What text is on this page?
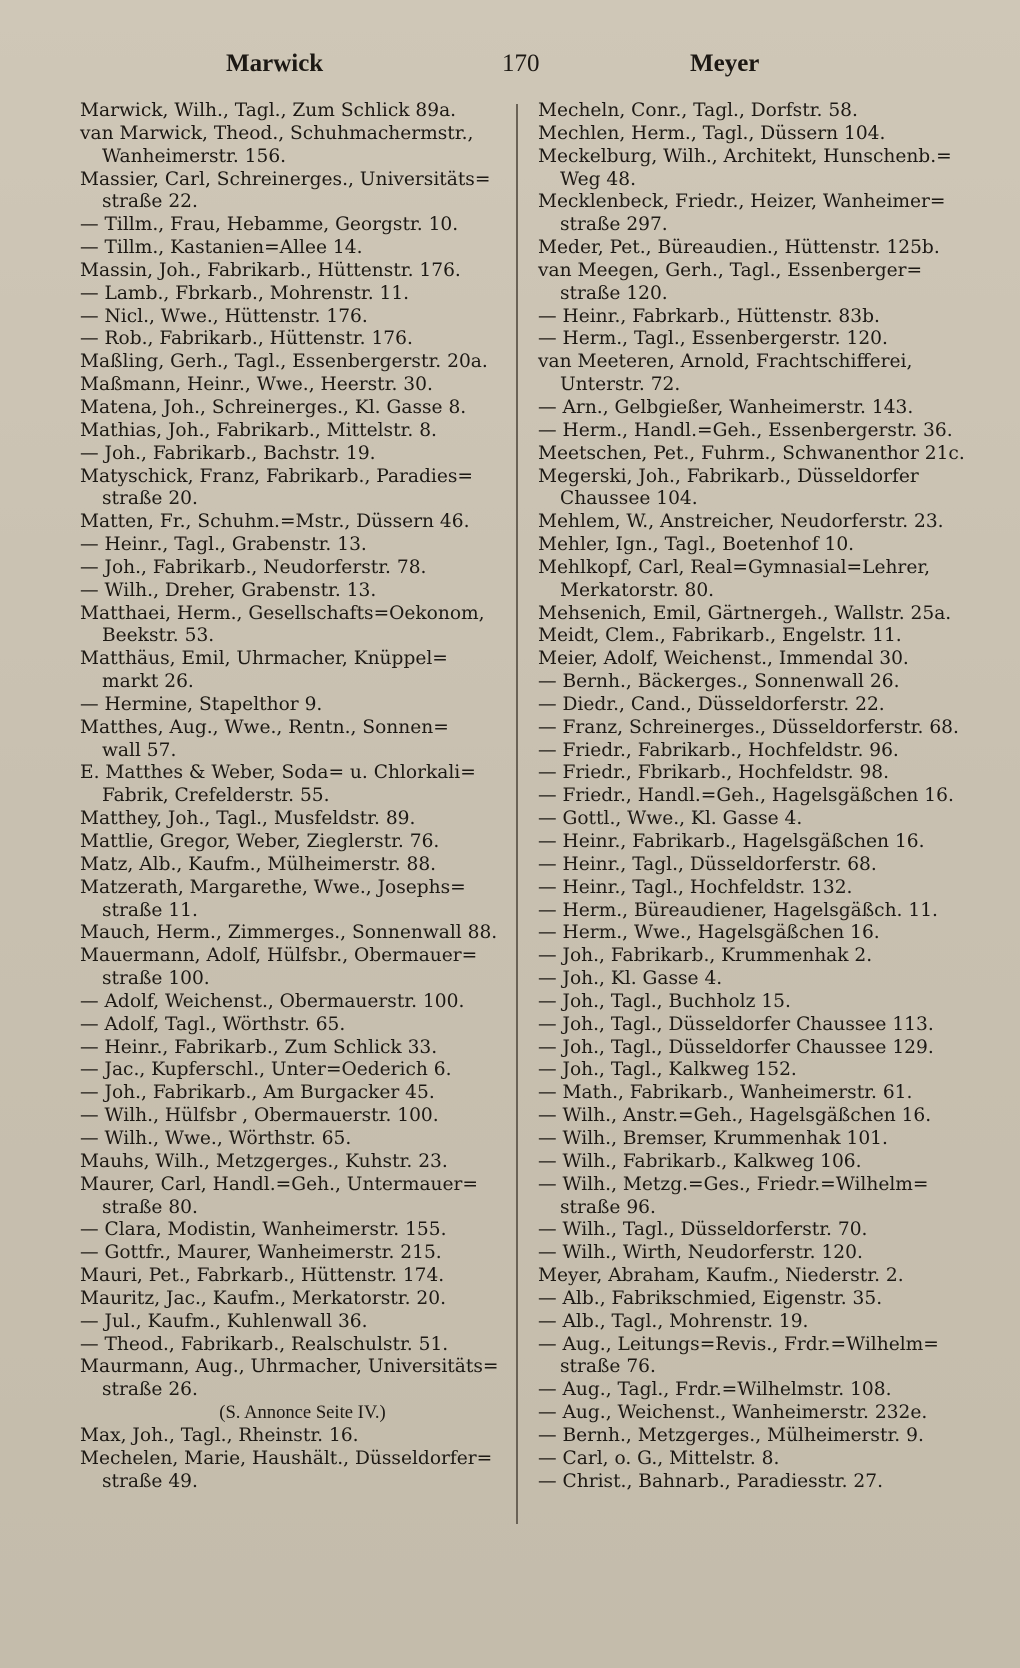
Marwick	170	Meyer
Marwick, Wilh., Tagl., Zum Schlick 89a.
van Marwick, Theod., Schuhmachermstr.,
Wanheimerstr. 156.
Massier, Carl, Schreinerges., Universitäts=
straße 22.
— Tillm., Frau, Hebamme, Georgstr. 10.
— Tillm., Kastanien=Allee 14.
Massin, Joh., Fabrikarb., Hüttenstr. 176.
— Lamb., Fbrkarb., Mohrenstr. 11.
— Nicl., Wwe., Hüttenstr. 176.
— Rob., Fabrikarb., Hüttenstr. 176.
Maßling, Gerh., Tagl., Essenbergerstr. 20a.
Maßmann, Heinr., Wwe., Heerstr. 30.
Matena, Joh., Schreinerges., Kl. Gasse 8.
Mathias, Joh., Fabrikarb., Mittelstr. 8.
— Joh., Fabrikarb., Bachstr. 19.
Matyschick, Franz, Fabrikarb., Paradies=
straße 20.
Matten, Fr., Schuhm.=Mstr., Düssern 46.
— Heinr., Tagl., Grabenstr. 13.
— Joh., Fabrikarb., Neudorferstr. 78.
— Wilh., Dreher, Grabenstr. 13.
Matthaei, Herm., Gesellschafts=Oekonom,
Beekstr. 53.
Matthäus, Emil, Uhrmacher, Knüppel=
markt 26.
— Hermine, Stapelthor 9.
Matthes, Aug., Wwe., Rentn., Sonnen=
wall 57.
E. Matthes & Weber, Soda= u. Chlorkali=
Fabrik, Crefelderstr. 55.
Matthey, Joh., Tagl., Musfeldstr. 89.
Mattlie, Gregor, Weber, Zieglerstr. 76.
Matz, Alb., Kaufm., Mülheimerstr. 88.
Matzerath, Margarethe, Wwe., Josephs=
straße 11.
Mauch, Herm., Zimmerges., Sonnenwall 88.
Mauermann, Adolf, Hülfsbr., Obermauer=
straße 100.
— Adolf, Weichenst., Obermauerstr. 100.
— Adolf, Tagl., Wörthstr. 65.
— Heinr., Fabrikarb., Zum Schlick 33.
— Jac., Kupferschl., Unter=Oederich 6.
— Joh., Fabrikarb., Am Burgacker 45.
— Wilh., Hülfsbr , Obermauerstr. 100.
— Wilh., Wwe., Wörthstr. 65.
Mauhs, Wilh., Metzgerges., Kuhstr. 23.
Maurer, Carl, Handl.=Geh., Untermauer=
straße 80.
— Clara, Modistin, Wanheimerstr. 155.
— Gottfr., Maurer, Wanheimerstr. 215.
Mauri, Pet., Fabrkarb., Hüttenstr. 174.
Mauritz, Jac., Kaufm., Merkatorstr. 20.
— Jul., Kaufm., Kuhlenwall 36.
— Theod., Fabrikarb., Realschulstr. 51.
Maurmann, Aug., Uhrmacher, Universitäts=
straße 26.
(S. Annonce Seite IV.)
Max, Joh., Tagl., Rheinstr. 16.
Mechelen, Marie, Haushält., Düsseldorfer=
straße 49.
Mecheln, Conr., Tagl., Dorfstr. 58.
Mechlen, Herm., Tagl., Düssern 104.
Meckelburg, Wilh., Architekt, Hunschenb.=
Weg 48.
Mecklenbeck, Friedr., Heizer, Wanheimer=
straße 297.
Meder, Pet., Büreaudien., Hüttenstr. 125b.
van Meegen, Gerh., Tagl., Essenberger=
straße 120.
— Heinr., Fabrkarb., Hüttenstr. 83b.
— Herm., Tagl., Essenbergerstr. 120.
van Meeteren, Arnold, Frachtschifferei,
Unterstr. 72.
— Arn., Gelbgießer, Wanheimerstr. 143.
— Herm., Handl.=Geh., Essenbergerstr. 36.
Meetschen, Pet., Fuhrm., Schwanenthor 21c.
Megerski, Joh., Fabrikarb., Düsseldorfer
Chaussee 104.
Mehlem, W., Anstreicher, Neudorferstr. 23.
Mehler, Ign., Tagl., Boetenhof 10.
Mehlkopf, Carl, Real=Gymnasial=Lehrer,
Merkatorstr. 80.
Mehsenich, Emil, Gärtnergeh., Wallstr. 25a.
Meidt, Clem., Fabrikarb., Engelstr. 11.
Meier, Adolf, Weichenst., Immendal 30.
— Bernh., Bäckerges., Sonnenwall 26.
— Diedr., Cand., Düsseldorferstr. 22.
— Franz, Schreinerges., Düsseldorferstr. 68.
— Friedr., Fabrikarb., Hochfeldstr. 96.
— Friedr., Fbrikarb., Hochfeldstr. 98.
— Friedr., Handl.=Geh., Hagelsgäßchen 16.
— Gottl., Wwe., Kl. Gasse 4.
— Heinr., Fabrikarb., Hagelsgäßchen 16.
— Heinr., Tagl., Düsseldorferstr. 68.
— Heinr., Tagl., Hochfeldstr. 132.
— Herm., Büreaudiener, Hagelsgäßch. 11.
— Herm., Wwe., Hagelsgäßchen 16.
— Joh., Fabrikarb., Krummenhak 2.
— Joh., Kl. Gasse 4.
— Joh., Tagl., Buchholz 15.
— Joh., Tagl., Düsseldorfer Chaussee 113.
— Joh., Tagl., Düsseldorfer Chaussee 129.
— Joh., Tagl., Kalkweg 152.
— Math., Fabrikarb., Wanheimerstr. 61.
— Wilh., Anstr.=Geh., Hagelsgäßchen 16.
— Wilh., Bremser, Krummenhak 101.
— Wilh., Fabrikarb., Kalkweg 106.
— Wilh., Metzg.=Ges., Friedr.=Wilhelm=
straße 96.
— Wilh., Tagl., Düsseldorferstr. 70.
— Wilh., Wirth, Neudorferstr. 120.
Meyer, Abraham, Kaufm., Niederstr. 2.
— Alb., Fabrikschmied, Eigenstr. 35.
— Alb., Tagl., Mohrenstr. 19.
— Aug., Leitungs=Revis., Frdr.=Wilhelm=
straße 76.
— Aug., Tagl., Frdr.=Wilhelmstr. 108.
— Aug., Weichenst., Wanheimerstr. 232e.
— Bernh., Metzgerges., Mülheimerstr. 9.
— Carl, o. G., Mittelstr. 8.
— Christ., Bahnarb., Paradiesstr. 27.
